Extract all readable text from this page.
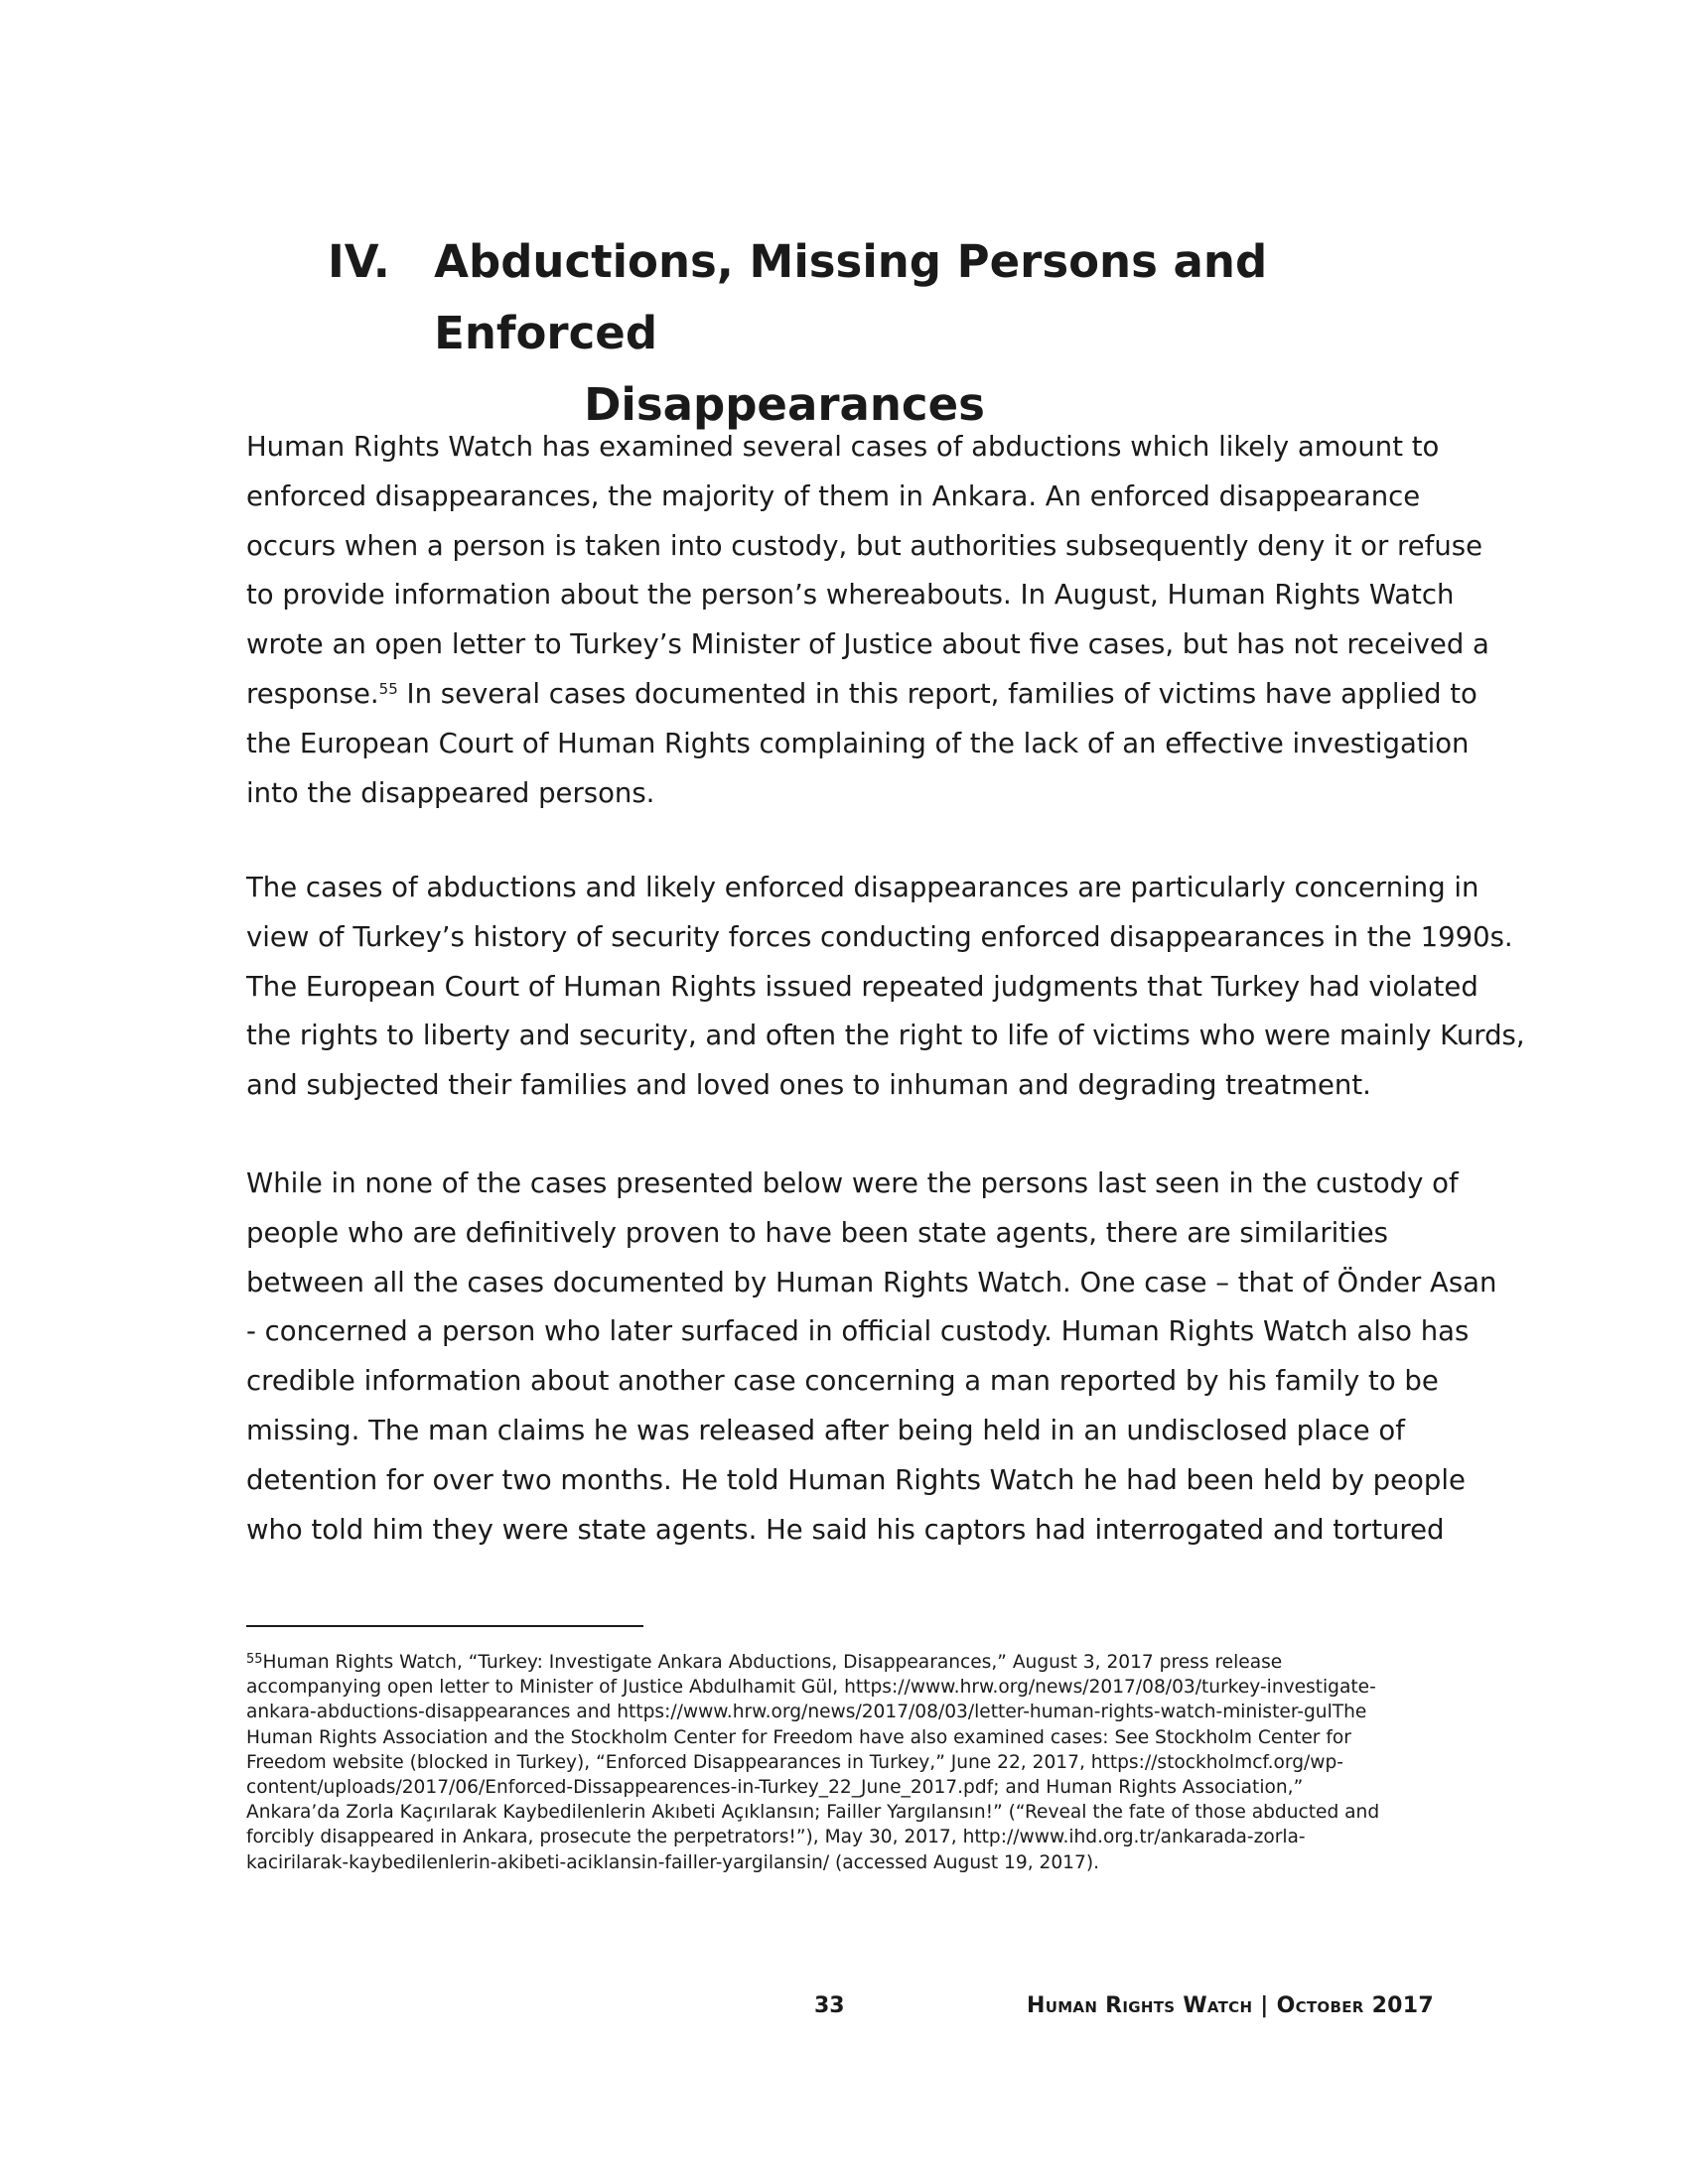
IV. Abductions, Missing Persons and Enforced
Disappearances

Human Rights Watch has examined several cases of abductions which likely amount to
enforced disappearances, the majority of them in Ankara. An enforced disappearance
occurs when a person is taken into custody, but authorities subsequently deny it or refuse
to provide information about the person’s whereabouts. In August, Human Rights Watch
wrote an open letter to Turkey’s Minister of Justice about five cases, but has not received a
response.$^{55}$ In several cases documented in this report, families of victims have applied to
the European Court of Human Rights complaining of the lack of an effective investigation
into the disappeared persons.

The cases of abductions and likely enforced disappearances are particularly concerning in
view of Turkey’s history of security forces conducting enforced disappearances in the 1990s.
The European Court of Human Rights issued repeated judgments that Turkey had violated
the rights to liberty and security, and often the right to life of victims who were mainly Kurds,
and subjected their families and loved ones to inhuman and degrading treatment.

While in none of the cases presented below were the persons last seen in the custody of
people who are definitively proven to have been state agents, there are similarities
between all the cases documented by Human Rights Watch. One case – that of Önder Asan
- concerned a person who later surfaced in official custody. Human Rights Watch also has
credible information about another case concerning a man reported by his family to be
missing. The man claims he was released after being held in an undisclosed place of
detention for over two months. He told Human Rights Watch he had been held by people
who told him they were state agents. He said his captors had interrogated and tortured

$^{55}$Human Rights Watch, “Turkey: Investigate Ankara Abductions, Disappearances,” August 3, 2017 press release
accompanying open letter to Minister of Justice Abdulhamit Gül, https://www.hrw.org/news/2017/08/03/turkey-investigate-
ankara-abductions-disappearances and https://www.hrw.org/news/2017/08/03/letter-human-rights-watch-minister-gulThe
Human Rights Association and the Stockholm Center for Freedom have also examined cases: See Stockholm Center for
Freedom website (blocked in Turkey), “Enforced Disappearances in Turkey,” June 22, 2017, https://stockholmcf.org/wp-
content/uploads/2017/06/Enforced-Dissappearences-in-Turkey_22_June_2017.pdf; and Human Rights Association,”
Ankara’da Zorla Kaçırılarak Kaybedilenlerin Akıbeti Açıklansın; Failler Yargılansın!” (“Reveal the fate of those abducted and
forcibly disappeared in Ankara, prosecute the perpetrators!”), May 30, 2017, http://www.ihd.org.tr/ankarada-zorla-
kacirilarak-kaybedilenlerin-akibeti-aciklansin-failler-yargilansin/ (accessed August 19, 2017).
33	Human Rights Watch | October 2017
